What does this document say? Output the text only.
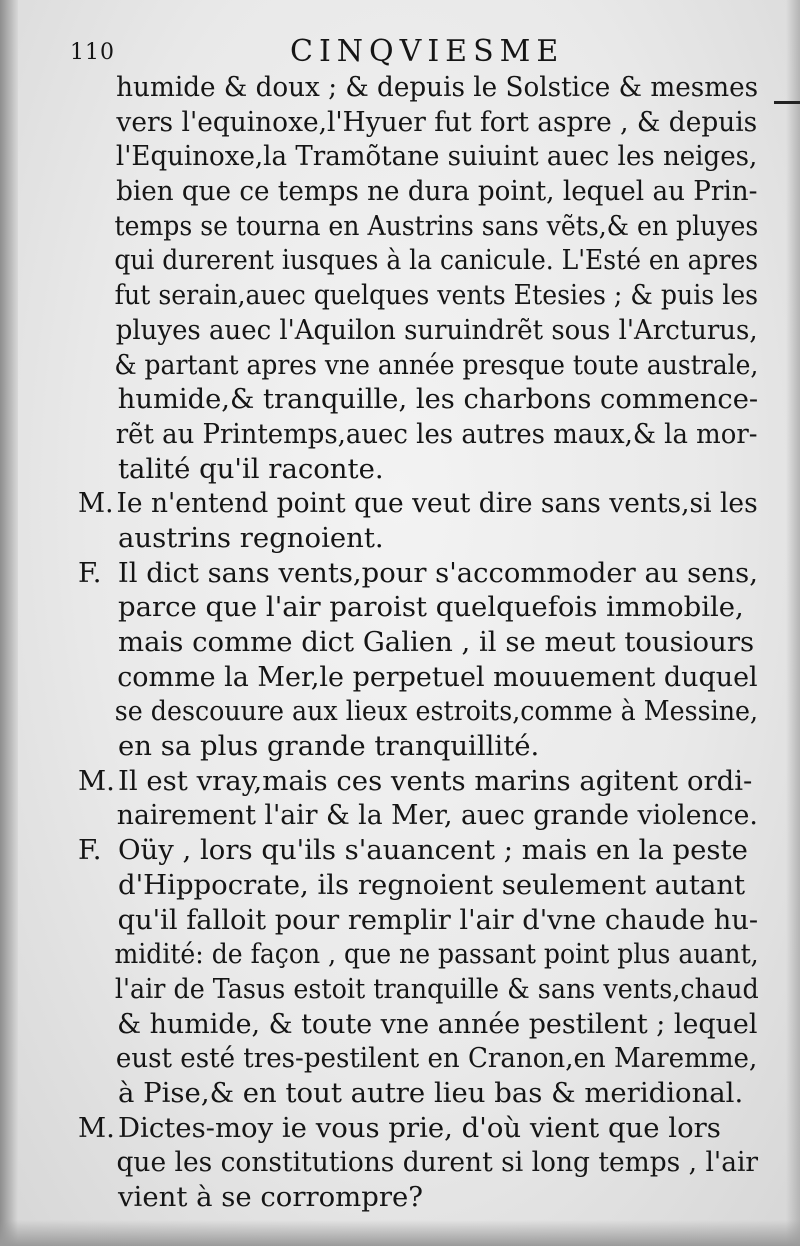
110	CINQVIESME
humide & doux ; & depuis le Solstice & mesmes
vers l'equinoxe,l'Hyuer fut fort aspre , & depuis
l'Equinoxe,la Tramõtane suiuint auec les neiges,
bien que ce temps ne dura point, lequel au Prin-
temps se tourna en Austrins sans vẽts,& en pluyes
qui durerent iusques à la canicule. L'Esté en apres
fut serain,auec quelques vents Etesies ; & puis les
pluyes auec l'Aquilon suruindrẽt sous l'Arcturus,
& partant apres vne année presque toute australe,
humide,& tranquille, les charbons commence-
rẽt au Printemps,auec les autres maux,& la mor-
talité qu'il raconte.
M. Ie n'entend point que veut dire sans vents,si les
austrins regnoient.
F. Il dict sans vents,pour s'accommoder au sens,
parce que l'air paroist quelquefois immobile,
mais comme dict Galien , il se meut tousiours
comme la Mer,le perpetuel mouuement duquel
se descouure aux lieux estroits,comme à Messine,
en sa plus grande tranquillité.
M. Il est vray,mais ces vents marins agitent ordi-
nairement l'air & la Mer, auec grande violence.
F. Oüy , lors qu'ils s'auancent ; mais en la peste
d'Hippocrate, ils regnoient seulement autant
qu'il falloit pour remplir l'air d'vne chaude hu-
midité: de façon , que ne passant point plus auant,
l'air de Tasus estoit tranquille & sans vents,chaud
& humide, & toute vne année pestilent ; lequel
eust esté tres-pestilent en Cranon,en Maremme,
à Pise,& en tout autre lieu bas & meridional.
M. Dictes-moy ie vous prie, d'où vient que lors
que les constitutions durent si long temps , l'air
vient à se corrompre?
